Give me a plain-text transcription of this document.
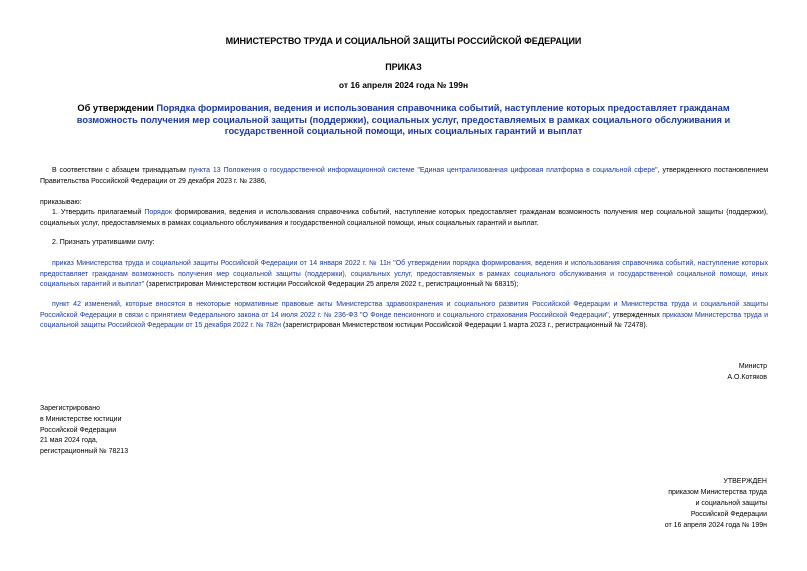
МИНИСТЕРСТВО ТРУДА И СОЦИАЛЬНОЙ ЗАЩИТЫ РОССИЙСКОЙ ФЕДЕРАЦИИ
ПРИКАЗ
от 16 апреля 2024 года № 199н
Об утверждении Порядка формирования, ведения и использования справочника событий, наступление которых предоставляет гражданам возможность получения мер социальной защиты (поддержки), социальных услуг, предоставляемых в рамках социального обслуживания и государственной социальной помощи, иных социальных гарантий и выплат
В соответствии с абзацем тринадцатым пункта 13 Положения о государственной информационной системе "Единая централизованная цифровая платформа в социальной сфере", утвержденного постановлением Правительства Российской Федерации от 29 декабря 2023 г. № 2386,
приказываю:
1. Утвердить прилагаемый Порядок формирования, ведения и использования справочника событий, наступление которых предоставляет гражданам возможность получения мер социальной защиты (поддержки), социальных услуг, предоставляемых в рамках социального обслуживания и государственной социальной помощи, иных социальных гарантий и выплат.
2. Признать утратившими силу:
приказ Министерства труда и социальной защиты Российской Федерации от 14 января 2022 г. № 11н "Об утверждении порядка формирования, ведения и использования справочника событий, наступление которых предоставляет гражданам возможность получения мер социальной защиты (поддержки), социальных услуг, предоставляемых в рамках социального обслуживания и государственной социальной помощи, иных социальных гарантий и выплат" (зарегистрирован Министерством юстиции Российской Федерации 25 апреля 2022 г., регистрационный № 68315);
пункт 42 изменений, которые вносятся в некоторые нормативные правовые акты Министерства здравоохранения и социального развития Российской Федерации и Министерства труда и социальной защиты Российской Федерации в связи с принятием Федерального закона от 14 июля 2022 г. № 236-ФЗ "О Фонде пенсионного и социального страхования Российской Федерации", утвержденных приказом Министерства труда и социальной защиты Российской Федерации от 15 декабря 2022 г. № 782н (зарегистрирован Министерством юстиции Российской Федерации 1 марта 2023 г., регистрационный № 72478).
Министр
А.О.Котяков
Зарегистрировано
в Министерстве юстиции
Российской Федерации
21 мая 2024 года,
регистрационный № 78213
УТВЕРЖДЕН
приказом Министерства труда
и социальной защиты
Российской Федерации
от 16 апреля 2024 года № 199н
